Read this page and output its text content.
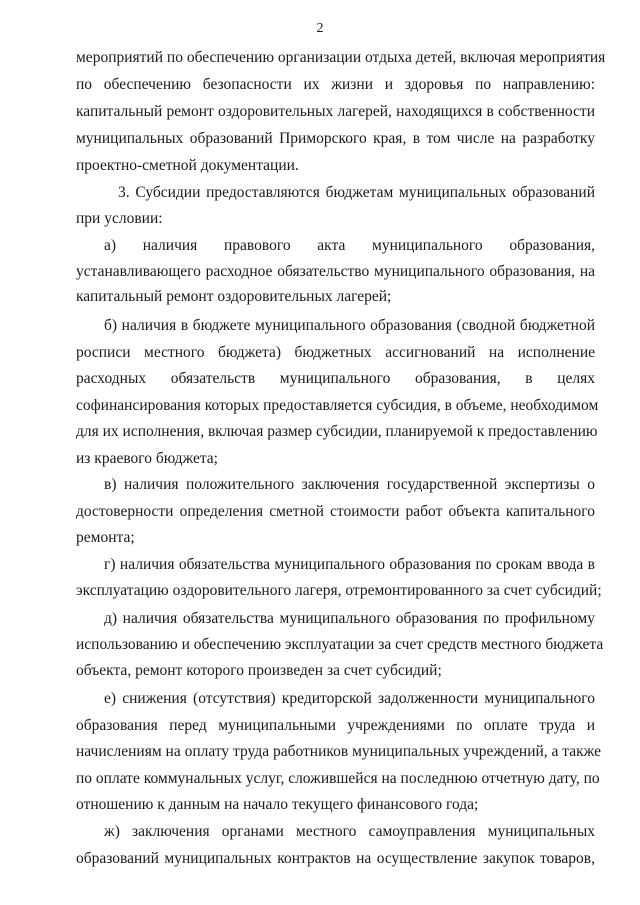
2
мероприятий по обеспечению организации отдыха детей, включая мероприятия
по обеспечению безопасности их жизни и здоровья по направлению:
капитальный ремонт оздоровительных лагерей, находящихся в собственности
муниципальных образований Приморского края, в том числе на разработку
проектно-сметной документации.
3. Субсидии предоставляются бюджетам муниципальных образований
при условии:
а) наличия правового акта муниципального образования,
устанавливающего расходное обязательство муниципального образования, на
капитальный ремонт оздоровительных лагерей;
б) наличия в бюджете муниципального образования (сводной бюджетной
росписи местного бюджета) бюджетных ассигнований на исполнение
расходных обязательств муниципального образования, в целях
софинансирования которых предоставляется субсидия, в объеме, необходимом
для их исполнения, включая размер субсидии, планируемой к предоставлению
из краевого бюджета;
в) наличия положительного заключения государственной экспертизы о
достоверности определения сметной стоимости работ объекта капитального
ремонта;
г) наличия обязательства муниципального образования по срокам ввода в
эксплуатацию оздоровительного лагеря, отремонтированного за счет субсидий;
д) наличия обязательства муниципального образования по профильному
использованию и обеспечению эксплуатации за счет средств местного бюджета
объекта, ремонт которого произведен за счет субсидий;
е) снижения (отсутствия) кредиторской задолженности муниципального
образования перед муниципальными учреждениями по оплате труда и
начислениям на оплату труда работников муниципальных учреждений, а также
по оплате коммунальных услуг, сложившейся на последнюю отчетную дату, по
отношению к данным на начало текущего финансового года;
ж) заключения органами местного самоуправления муниципальных
образований муниципальных контрактов на осуществление закупок товаров,
